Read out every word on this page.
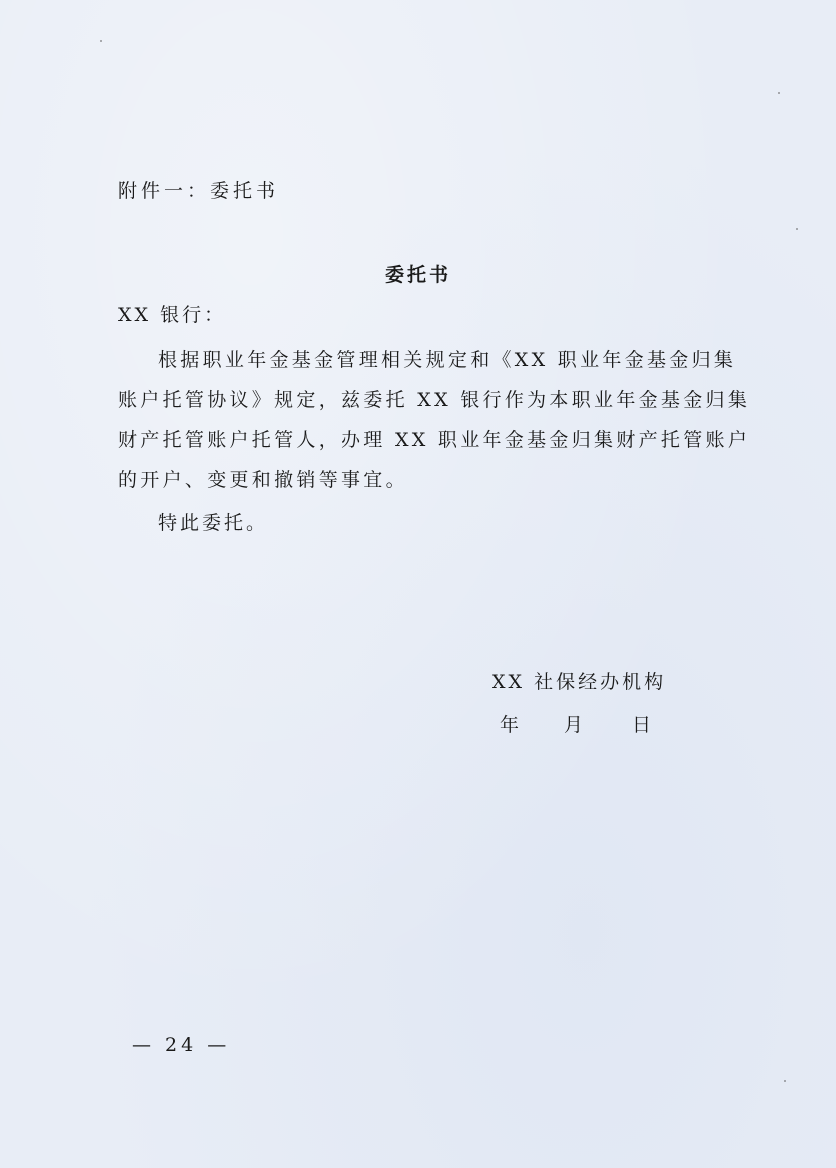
附件一：委托书
委托书
XX 银行：
根据职业年金基金管理相关规定和《XX 职业年金基金归集
账户托管协议》规定，兹委托 XX 银行作为本职业年金基金归集
财产托管账户托管人，办理 XX 职业年金基金归集财产托管账户
的开户、变更和撤销等事宜。
特此委托。
XX 社保经办机构
年 月	日
— 24 —
